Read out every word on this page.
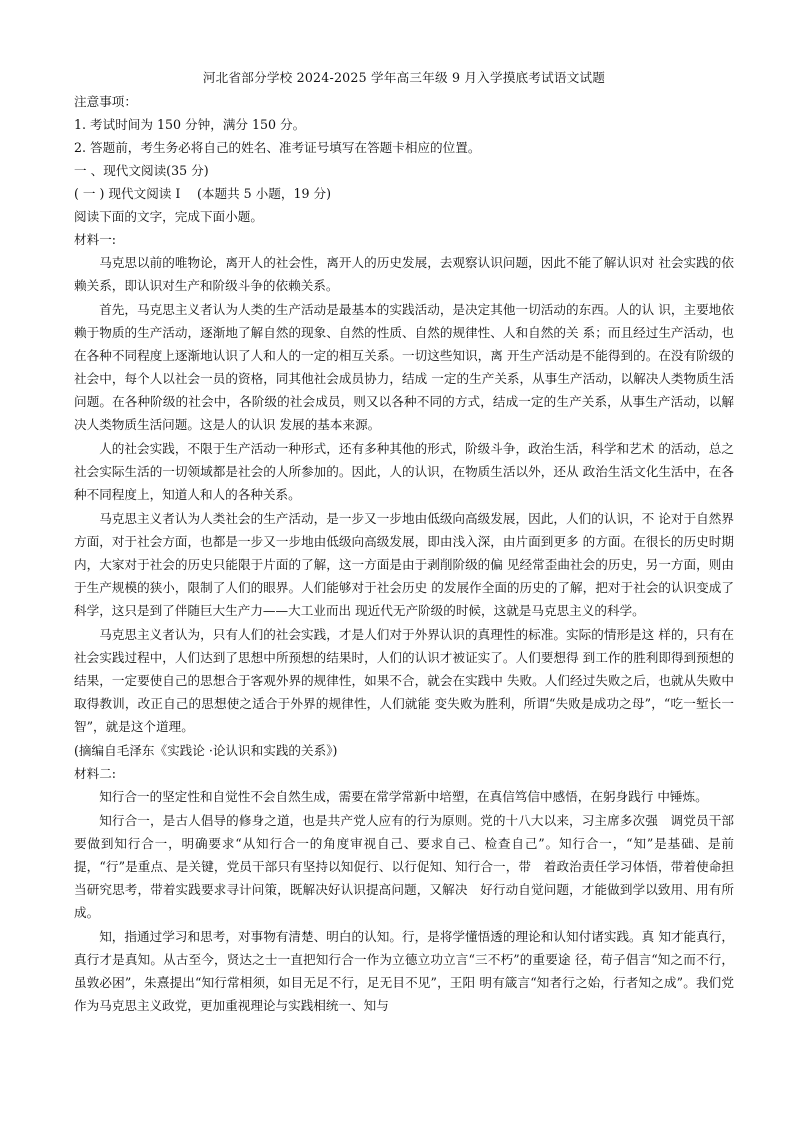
河北省部分学校 2024-2025 学年高三年级 9 月入学摸底考试语文试题

注意事项：

1. 考试时间为 150 分钟，满分 150 分。

2. 答题前，考生务必将自己的姓名、准考证号填写在答题卡相应的位置。

一 、现代文阅读(35 分)

( 一 ) 现代文阅读 I　 (本题共 5 小题，19 分)

阅读下面的文字，完成下面小题。

材料一:

马克思以前的唯物论，离开人的社会性，离开人的历史发展，去观察认识问题，因此不能了解认识对 社会实践的依赖关系，即认识对生产和阶级斗争的依赖关系。

首先，马克思主义者认为人类的生产活动是最基本的实践活动，是决定其他一切活动的东西。人的认 识，主要地依赖于物质的生产活动，逐渐地了解自然的现象、自然的性质、自然的规律性、人和自然的关 系；而且经过生产活动，也在各种不同程度上逐渐地认识了人和人的一定的相互关系。一切这些知识，离 开生产活动是不能得到的。在没有阶级的社会中，每个人以社会一员的资格，同其他社会成员协力，结成 一定的生产关系，从事生产活动，以解决人类物质生活问题。在各种阶级的社会中，各阶级的社会成员，则又以各种不同的方式，结成一定的生产关系，从事生产活动，以解决人类物质生活问题。这是人的认识 发展的基本来源。

人的社会实践，不限于生产活动一种形式，还有多种其他的形式，阶级斗争，政治生活，科学和艺术 的活动，总之社会实际生活的一切领域都是社会的人所参加的。因此，人的认识，在物质生活以外，还从 政治生活文化生活中，在各种不同程度上，知道人和人的各种关系。

马克思主义者认为人类社会的生产活动，是一步又一步地由低级向高级发展，因此，人们的认识，不 论对于自然界方面，对于社会方面，也都是一步又一步地由低级向高级发展，即由浅入深，由片面到更多 的方面。在很长的历史时期内，大家对于社会的历史只能限于片面的了解，这一方面是由于剥削阶级的偏 见经常歪曲社会的历史，另一方面，则由于生产规模的狭小，限制了人们的眼界。人们能够对于社会历史 的发展作全面的历史的了解，把对于社会的认识变成了科学，这只是到了伴随巨大生产力——大工业而出 现近代无产阶级的时候，这就是马克思主义的科学。

马克思主义者认为，只有人们的社会实践，才是人们对于外界认识的真理性的标准。实际的情形是这 样的，只有在社会实践过程中，人们达到了思想中所预想的结果时，人们的认识才被证实了。人们要想得 到工作的胜利即得到预想的结果，一定要使自己的思想合于客观外界的规律性，如果不合，就会在实践中 失败。人们经过失败之后，也就从失败中取得教训，改正自己的思想使之适合于外界的规律性，人们就能 变失败为胜利，所谓“失败是成功之母”，“吃一堑长一智”，就是这个道理。

(摘编自毛泽东《实践论 ·论认识和实践的关系》)

材料二:

知行合一的坚定性和自觉性不会自然生成，需要在常学常新中培塑，在真信笃信中感悟，在躬身践行 中锤炼。

知行合一，是古人倡导的修身之道，也是共产党人应有的行为原则。党的十八大以来，习主席多次强　调党员干部要做到知行合一，明确要求“从知行合一的角度审视自己、要求自己、检查自己”。知行合一，“知”是基础、是前提，“行”是重点、是关键，党员干部只有坚持以知促行、以行促知、知行合一，带　着政治责任学习体悟，带着使命担当研究思考，带着实践要求寻计问策，既解决好认识提高问题，又解决　好行动自觉问题，才能做到学以致用、用有所成。

知，指通过学习和思考，对事物有清楚、明白的认知。行，是将学懂悟透的理论和认知付诸实践。真 知才能真行，真行才是真知。从古至今，贤达之士一直把知行合一作为立德立功立言“三不朽”的重要途 径，荀子倡言“知之而不行，虽敦必困”，朱熹提出“知行常相须，如目无足不行，足无目不见”，王阳 明有箴言“知者行之始，行者知之成”。我们党作为马克思主义政党，更加重视理论与实践相统一、知与
